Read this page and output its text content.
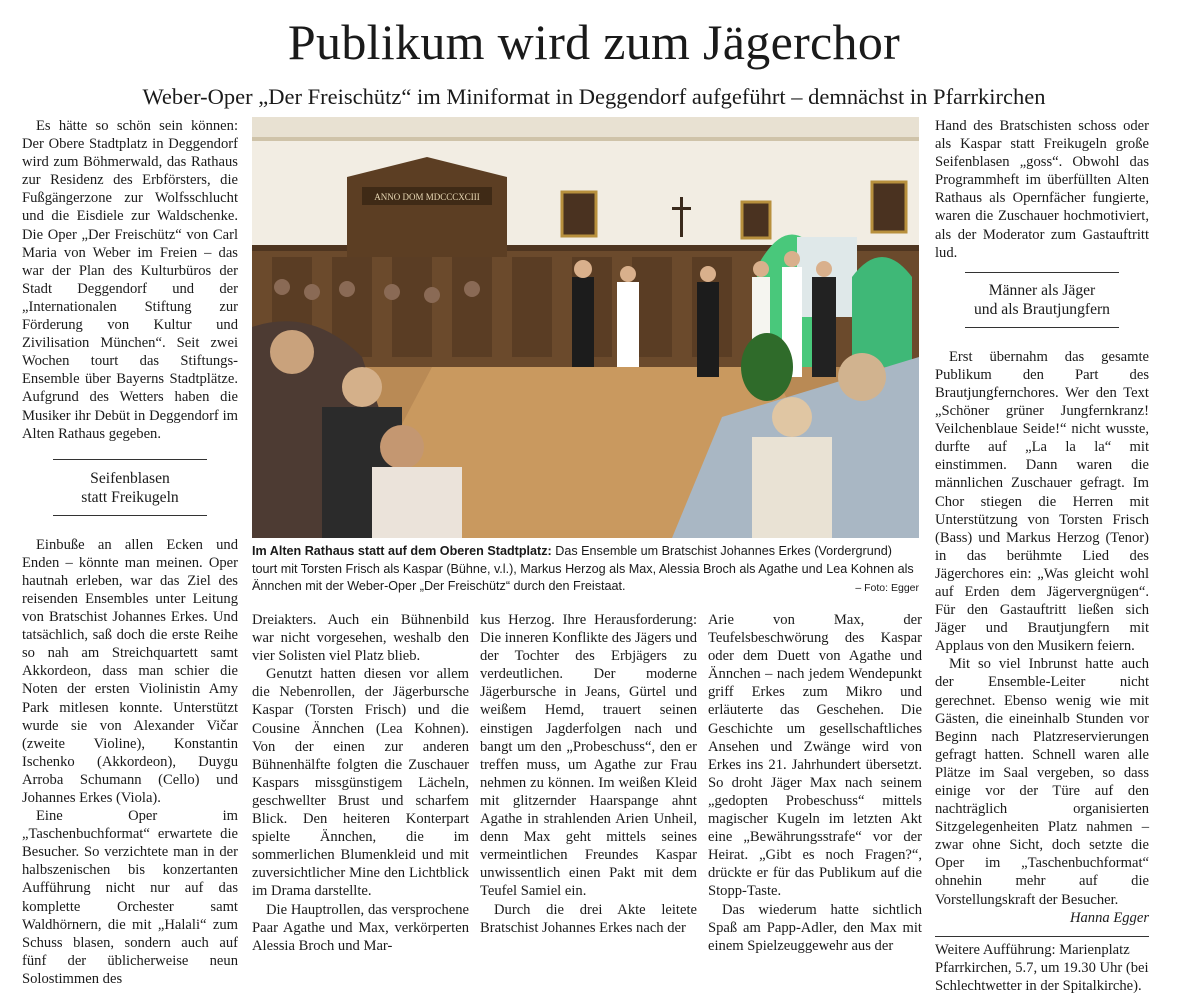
Publikum wird zum Jägerchor
Weber-Oper „Der Freischütz“ im Miniformat in Deggendorf aufgeführt – demnächst in Pfarrkirchen

Es hätte so schön sein können: Der Obere Stadtplatz in Deggendorf wird zum Böhmerwald, das Rathaus zur Residenz des Erbförsters, die Fußgängerzone zur Wolfsschlucht und die Eisdiele zur Waldschenke. Die Oper „Der Freischütz“ von Carl Maria von Weber im Freien – das war der Plan des Kulturbüros der Stadt Deggendorf und der „Internationalen Stiftung zur Förderung von Kultur und Zivilisation München“. Seit zwei Wochen tourt das Stiftungs-Ensemble über Bayerns Stadtplätze. Aufgrund des Wetters haben die Musiker ihr Debüt in Deggendorf im Alten Rathaus gegeben.

Seifenblasen

statt Freikugeln

Einbuße an allen Ecken und Enden – könnte man meinen. Oper hautnah erleben, war das Ziel des reisenden Ensembles unter Leitung von Bratschist Johannes Erkes. Und tatsächlich, saß doch die erste Reihe so nah am Streichquartett samt Akkordeon, dass man schier die Noten der ersten Violinistin Amy Park mitlesen konnte. Unterstützt wurde sie von Alexander Vičar (zweite Violine), Konstantin Ischenko (Akkordeon), Duygu Arroba Schumann (Cello) und Johannes Erkes (Viola).

Eine Oper im „Taschenbuchformat“ erwartete die Besucher. So verzichtete man in der halbszenischen bis konzertanten Aufführung nicht nur auf das komplette Orchester samt Waldhörnern, die mit „Halali“ zum Schuss blasen, sondern auch auf fünf der üblicherweise neun Solostimmen des

ANNO DOM MDCCCXCIII
Im Alten Rathaus statt auf dem Oberen Stadtplatz: Das Ensemble um Bratschist Johannes Erkes (Vordergrund) tourt mit Torsten Frisch als Kaspar (Bühne, v.l.), Markus Herzog als Max, Alessia Broch als Agathe und Lea Kohnen als Ännchen mit der Weber-Oper „Der Freischütz“ durch den Freistaat.	– Foto: Egger

Dreiakters. Auch ein Bühnenbild war nicht vorgesehen, weshalb den vier Solisten viel Platz blieb.

Genutzt hatten diesen vor allem die Nebenrollen, der Jägerbursche Kaspar (Torsten Frisch) und die Cousine Ännchen (Lea Kohnen). Von der einen zur anderen Bühnenhälfte folgten die Zuschauer Kaspars missgünstigem Lächeln, geschwellter Brust und scharfem Blick. Den heiteren Konterpart spielte Ännchen, die im sommerlichen Blumenkleid und mit zuversichtlicher Mine den Lichtblick im Drama darstellte.

Die Hauptrollen, das versprochene Paar Agathe und Max, verkörperten Alessia Broch und Mar-

kus Herzog. Ihre Herausforderung: Die inneren Konflikte des Jägers und der Tochter des Erbjägers zu verdeutlichen. Der moderne Jägerbursche in Jeans, Gürtel und weißem Hemd, trauert seinen einstigen Jagderfolgen nach und bangt um den „Probeschuss“, den er treffen muss, um Agathe zur Frau nehmen zu können. Im weißen Kleid mit glitzernder Haarspange ahnt Agathe in strahlenden Arien Unheil, denn Max geht mittels seines vermeintlichen Freundes Kaspar unwissentlich einen Pakt mit dem Teufel Samiel ein.

Durch die drei Akte leitete Bratschist Johannes Erkes nach der

Arie von Max, der Teufelsbeschwörung des Kaspar oder dem Duett von Agathe und Ännchen – nach jedem Wendepunkt griff Erkes zum Mikro und erläuterte das Geschehen. Die Geschichte um gesellschaftliches Ansehen und Zwänge wird von Erkes ins 21. Jahrhundert übersetzt. So droht Jäger Max nach seinem „gedopten Probeschuss“ mittels magischer Kugeln im letzten Akt eine „Bewährungsstrafe“ vor der Heirat. „Gibt es noch Fragen?“, drückte er für das Publikum auf die Stopp-Taste.

Das wiederum hatte sichtlich Spaß am Papp-Adler, den Max mit einem Spielzeuggewehr aus der

Hand des Bratschisten schoss oder als Kaspar statt Freikugeln große Seifenblasen „goss“. Obwohl das Programmheft im überfüllten Alten Rathaus als Opernfächer fungierte, waren die Zuschauer hochmotiviert, als der Moderator zum Gastauftritt lud.

Männer als Jäger

und als Brautjungfern

Erst übernahm das gesamte Publikum den Part des Brautjungfernchores. Wer den Text „Schöner grüner Jungfernkranz! Veilchenblaue Seide!“ nicht wusste, durfte auf „La la la“ mit einstimmen. Dann waren die männlichen Zuschauer gefragt. Im Chor stiegen die Herren mit Unterstützung von Torsten Frisch (Bass) und Markus Herzog (Tenor) in das berühmte Lied des Jägerchores ein: „Was gleicht wohl auf Erden dem Jägervergnügen“. Für den Gastauftritt ließen sich Jäger und Brautjungfern mit Applaus von den Musikern feiern.

Mit so viel Inbrunst hatte auch der Ensemble-Leiter nicht gerechnet. Ebenso wenig wie mit Gästen, die eineinhalb Stunden vor Beginn nach Platzreservierungen gefragt hatten. Schnell waren alle Plätze im Saal vergeben, so dass einige vor der Türe auf den nachträglich organisierten Sitzgelegenheiten Platz nahmen – zwar ohne Sicht, doch setzte die Oper im „Taschenbuchformat“ ohnehin mehr auf die Vorstellungskraft der Besucher.
Hanna Egger

Weitere Aufführung: Marienplatz Pfarrkirchen, 5.7, um 19.30 Uhr (bei Schlechtwetter in der Spitalkirche).
